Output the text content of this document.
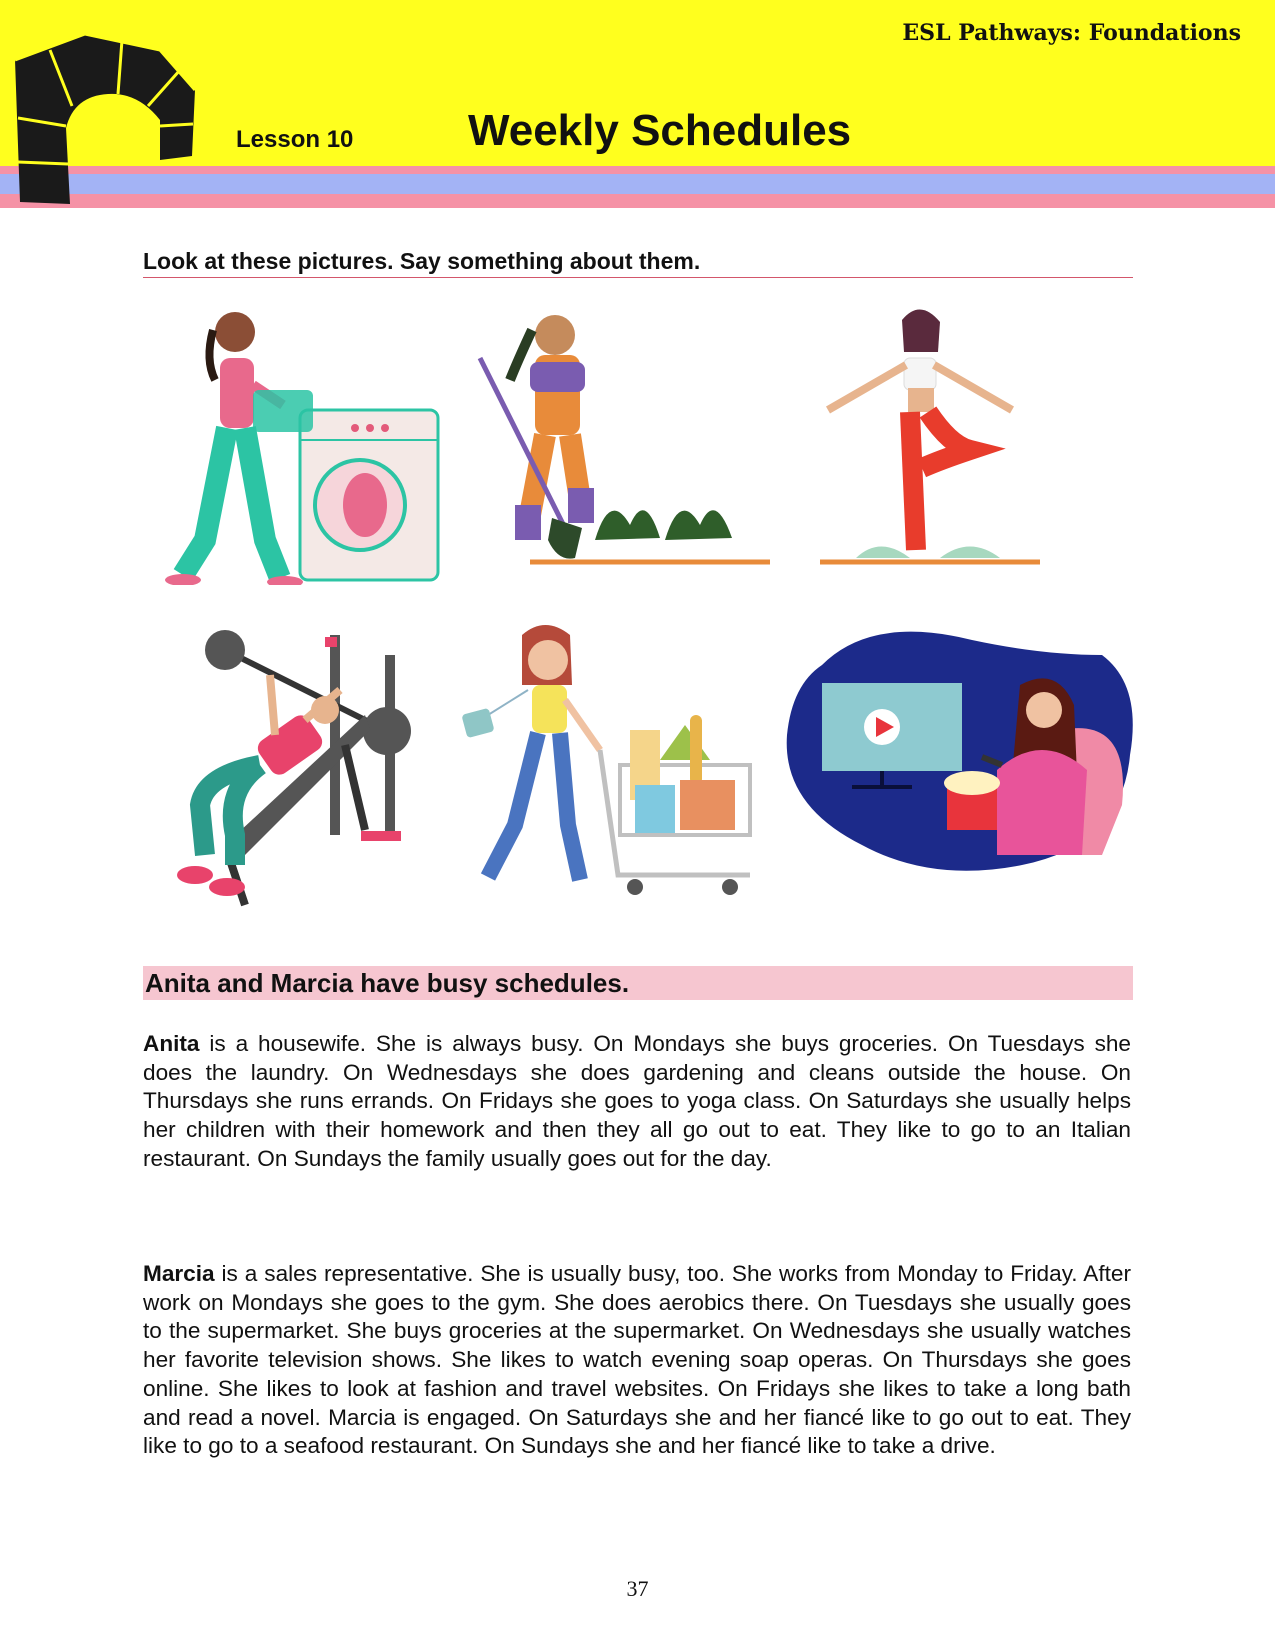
ESL Pathways: Foundations
Lesson 10	Weekly Schedules
Look at these pictures. Say something about them.
Anita and Marcia have busy schedules.

Anita is a housewife. She is always busy. On Mondays she buys groceries. On Tuesdays she does the laundry. On Wednesdays she does gardening and cleans outside the house. On Thursdays she runs errands. On Fridays she goes to yoga class. On Saturdays she usually helps her children with their homework and then they all go out to eat. They like to go to an Italian restaurant. On Sundays the family usually goes out for the day.

Marcia is a sales representative. She is usually busy, too. She works from Monday to Friday. After work on Mondays she goes to the gym. She does aerobics there. On Tuesdays she usually goes to the supermarket. She buys groceries at the supermarket. On Wednesdays she usually watches her favorite television shows. She likes to watch evening soap operas. On Thursdays she goes online. She likes to look at fashion and travel websites. On Fridays she likes to take a long bath and read a novel. Marcia is engaged. On Saturdays she and her fiancé like to go out to eat. They like to go to a seafood restaurant. On Sundays she and her fiancé like to take a drive.

37
